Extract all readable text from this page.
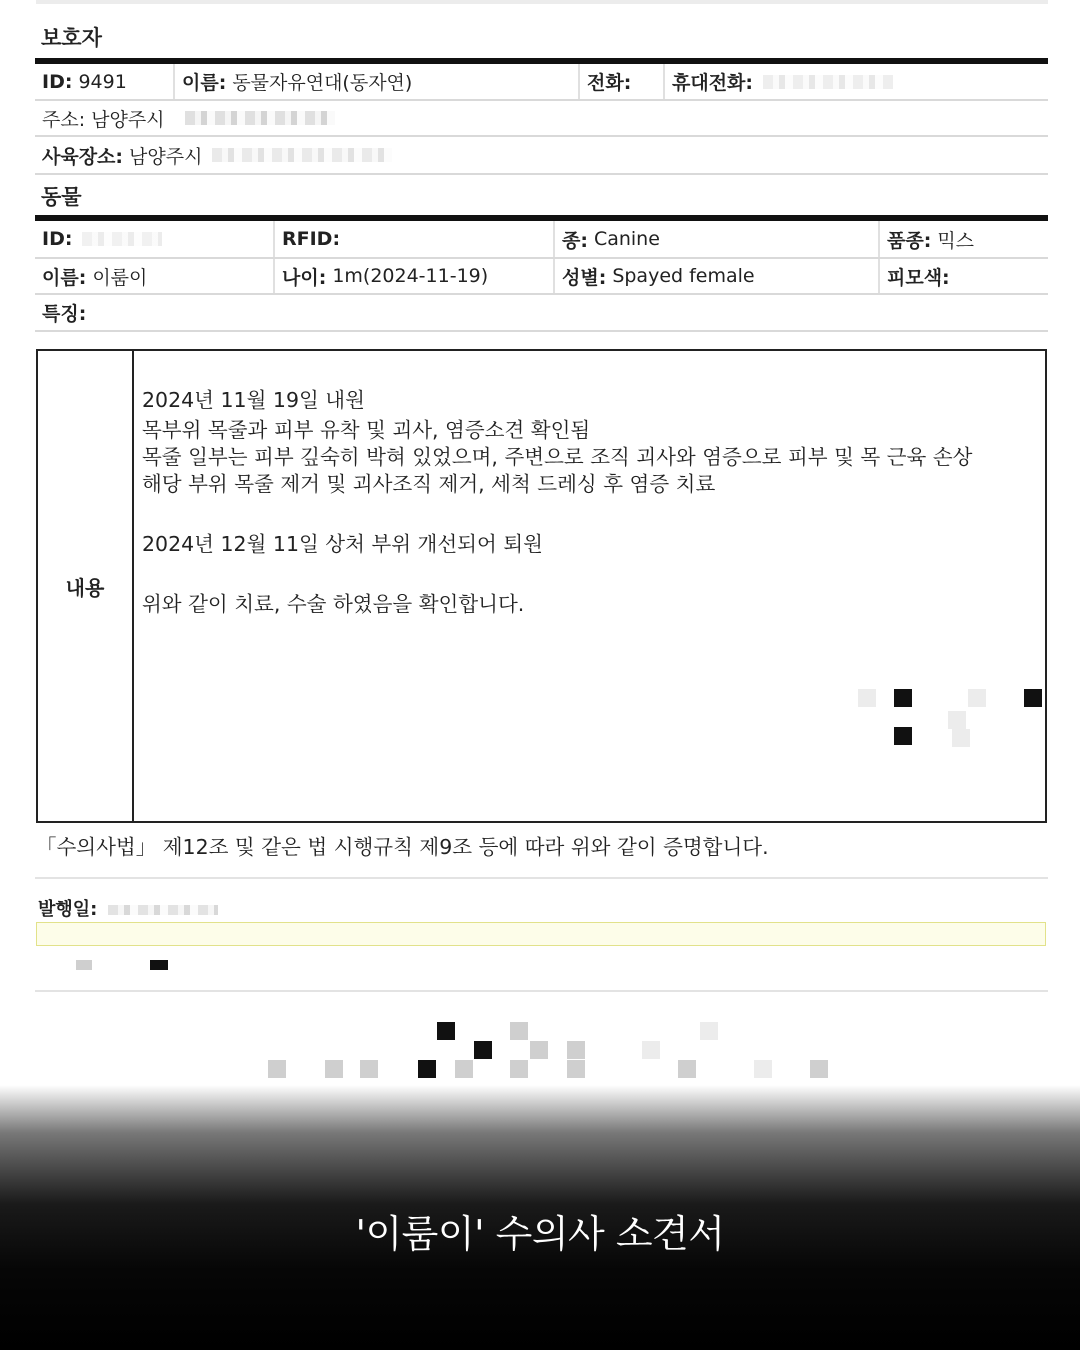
보호자
ID: 9491	이름: 동물자유연대(동자연)	전화: 휴대전화:
주소: 남양주시
사육장소: 남양주시
동물
ID:	RFID:	종: Canine	품종: 믹스
이름: 이룸이	나이: 1m(2024-11-19)	성별: Spayed female	피모색:
특징:
내용

2024년 11월 19일 내원

목부위 목줄과 피부 유착 및 괴사, 염증소견 확인됨

목줄 일부는 피부 깊숙히 박혀 있었으며, 주변으로 조직 괴사와 염증으로 피부 및 목 근육 손상

해당 부위 목줄 제거 및 괴사조직 제거, 세척 드레싱 후 염증 치료

2024년 12월 11일 상처 부위 개선되어 퇴원

위와 같이 치료, 수술 하였음을 확인합니다.

「수의사법」 제12조 및 같은 법 시행규칙 제9조 등에 따라 위와 같이 증명합니다.
발행일:
'이룸이' 수의사 소견서
